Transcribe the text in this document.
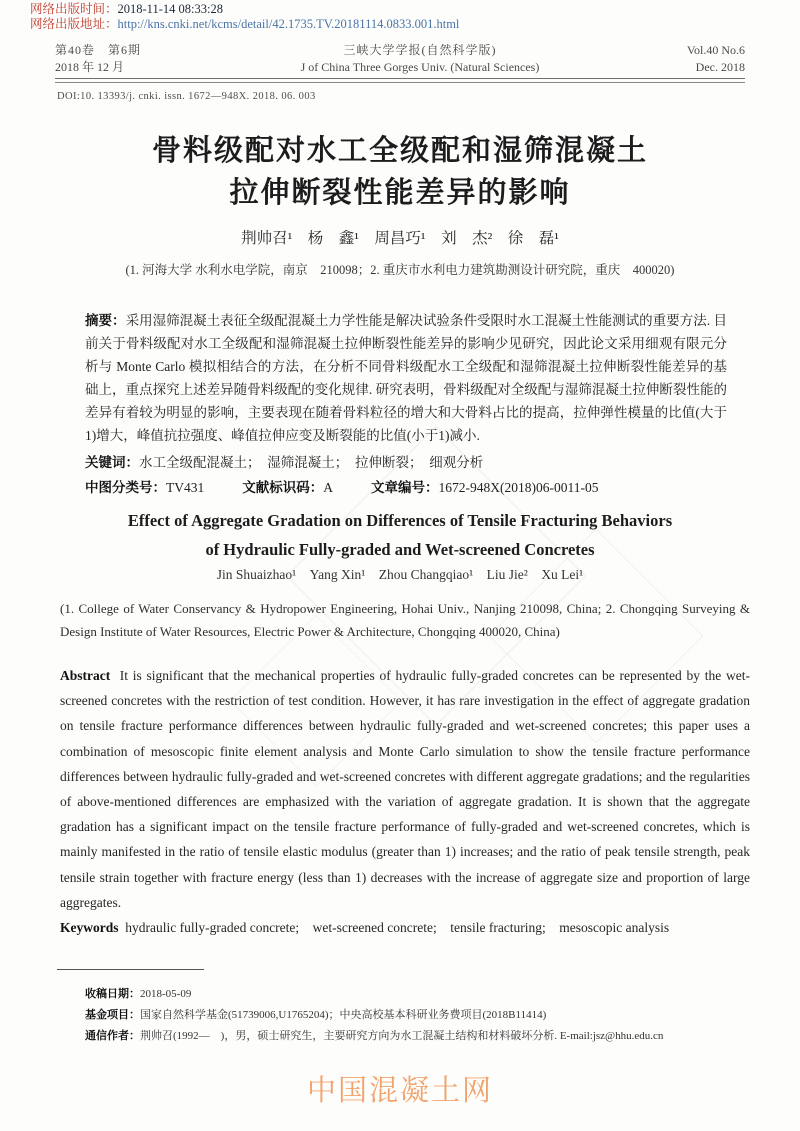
网络出版时间：2018-11-14 08:33:28
网络出版地址：http://kns.cnki.net/kcms/detail/42.1735.TV.20181114.0833.001.html
第40卷　第6期
2018 年 12 月
三峡大学学报(自然科学版)
J of China Three Gorges Univ. (Natural Sciences)
Vol.40 No.6
Dec. 2018
DOI:10. 13393/j. cnki. issn. 1672—948X. 2018. 06. 003
骨料级配对水工全级配和湿筛混凝土
拉伸断裂性能差异的影响
荆帅召¹　杨　鑫¹　周昌巧¹　刘　杰²　徐　磊¹
(1. 河海大学 水利水电学院，南京　210098；2. 重庆市水利电力建筑勘测设计研究院，重庆　400020)

摘要：采用湿筛混凝土表征全级配混凝土力学性能是解决试验条件受限时水工混凝土性能测试的重要方法. 目前关于骨料级配对水工全级配和湿筛混凝土拉伸断裂性能差异的影响少见研究，因此论文采用细观有限元分析与 Monte Carlo 模拟相结合的方法，在分析不同骨料级配水工全级配和湿筛混凝土拉伸断裂性能差异的基础上，重点探究上述差异随骨料级配的变化规律. 研究表明，骨料级配对全级配与湿筛混凝土拉伸断裂性能的差异有着较为明显的影响，主要表现在随着骨料粒径的增大和大骨料占比的提高，拉伸弹性模量的比值(大于1)增大，峰值抗拉强度、峰值拉伸应变及断裂能的比值(小于1)减小.

关键词：水工全级配混凝土；　湿筛混凝土；　拉伸断裂；　细观分析
中图分类号：TV431	文献标识码：A	文章编号：1672-948X(2018)06-0011-05
Effect of Aggregate Gradation on Differences of Tensile Fracturing Behaviors
of Hydraulic Fully-graded and Wet-screened Concretes
Jin Shuaizhao¹　Yang Xin¹　Zhou Changqiao¹　Liu Jie²　Xu Lei¹

(1. College of Water Conservancy & Hydropower Engineering, Hohai Univ., Nanjing 210098, China; 2. Chongqing Surveying & Design Institute of Water Resources, Electric Power & Architecture, Chongqing 400020, China)

Abstract It is significant that the mechanical properties of hydraulic fully-graded concretes can be represented by the wet-screened concretes with the restriction of test condition. However, it has rare investigation in the effect of aggregate gradation on tensile fracture performance differences between hydraulic fully-graded and wet-screened concretes; this paper uses a combination of mesoscopic finite element analysis and Monte Carlo simulation to show the tensile fracture performance differences between hydraulic fully-graded and wet-screened concretes with different aggregate gradations; and the regularities of above-mentioned differences are emphasized with the variation of aggregate gradation. It is shown that the aggregate gradation has a significant impact on the tensile fracture performance of fully-graded and wet-screened concretes, which is mainly manifested in the ratio of tensile elastic modulus (greater than 1) increases; and the ratio of peak tensile strength, peak tensile strain together with fracture energy (less than 1) decreases with the increase of aggregate size and proportion of large aggregates.

Keywords hydraulic fully-graded concrete;　wet-screened concrete;　tensile fracturing;　mesoscopic analysis

收稿日期：2018-05-09
基金项目：国家自然科学基金(51739006,U1765204)；中央高校基本科研业务费项目(2018B11414)
通信作者：荆帅召(1992—　)，男，硕士研究生，主要研究方向为水工混凝土结构和材料破坏分析. E-mail:jsz@hhu.edu.cn
中国混凝土网
